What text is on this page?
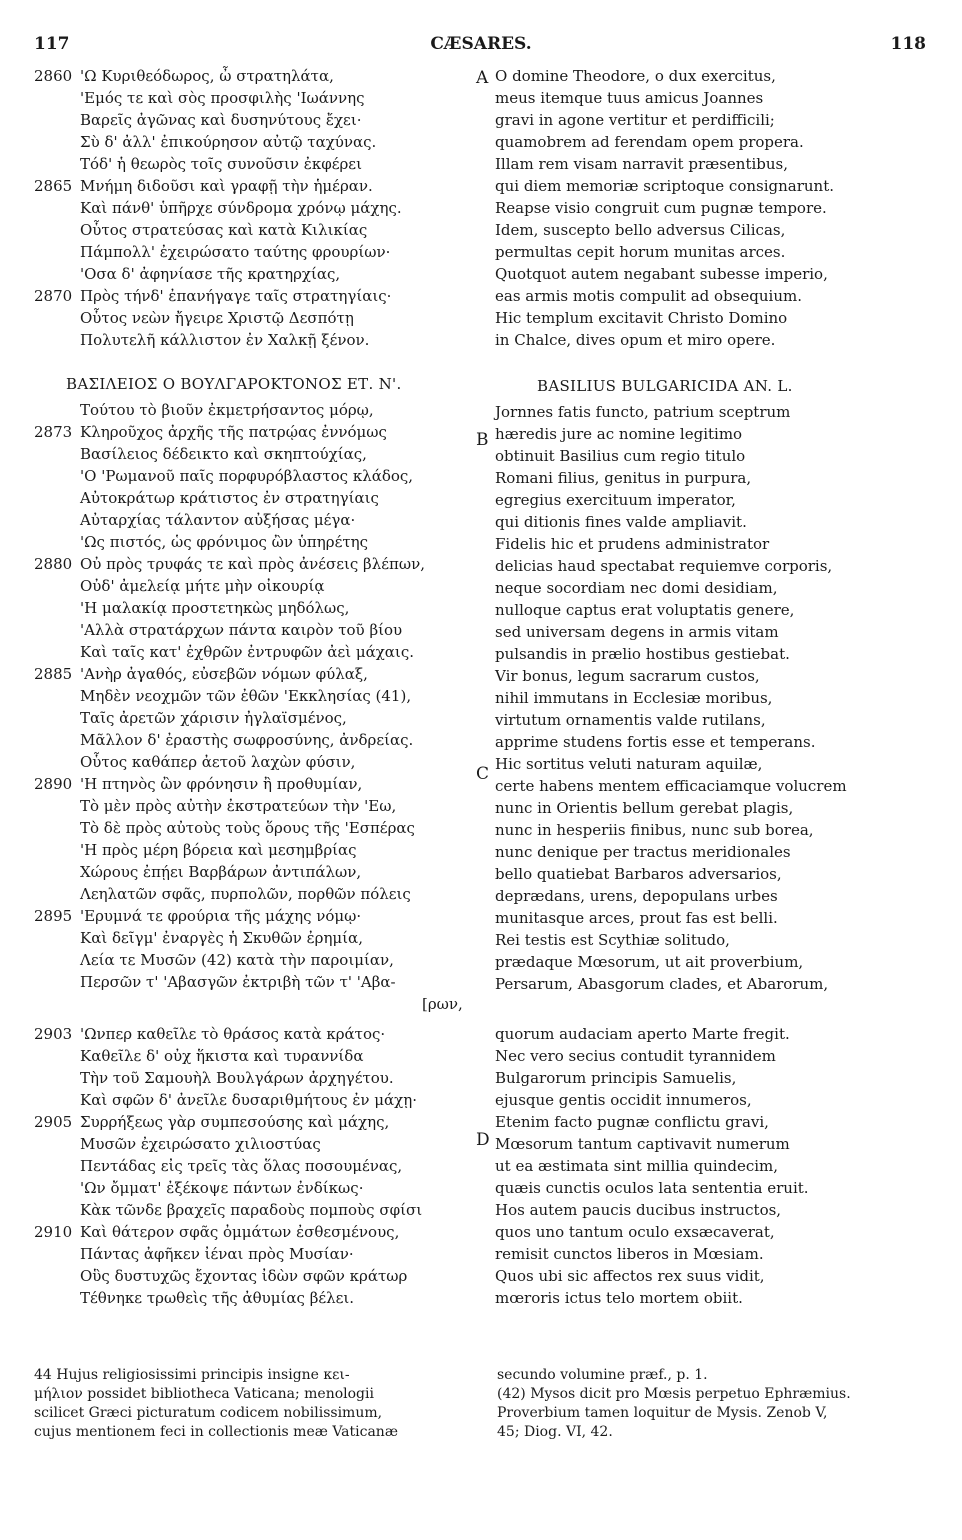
117	CÆSARES.	118
'Ω Κυριθεόδωρος, ὦ στρατηλάτα,
'Εμός τε καὶ σὸς προσφιλὴς 'Ιωάννης
Βαρεῖς ἀγῶνας καὶ δυσηνύτους ἔχει·
Σὺ δ' ἀλλ' ἐπικούρησον αὐτῷ ταχύνας.
Τόδ' ἡ θεωρὸς τοῖς συνοῦσιν ἐκφέρει
Μνήμη διδοῦσι καὶ γραφῇ τὴν ἡμέραν.
Καὶ πάνθ' ὑπῆρχε σύνδρομα χρόνῳ μάχης.
Οὗτος στρατεύσας καὶ κατὰ Κιλικίας
Πάμπολλ' ἐχειρώσατο ταύτης φρουρίων·
'Οσα δ' ἀφηνίασε τῆς κρατηρχίας,
Πρὸς τήνδ' ἐπανήγαγε ταῖς στρατηγίαις·
Οὗτος νεὼν ἤγειρε Χριστῷ Δεσπότῃ
Πολυτελῆ κάλλιστον ἐν Χαλκῇ ξένον.
ΒΑΣΙΛΕΙΟΣ Ο ΒΟΥΛΓΑΡΟΚΤΟΝΟΣ ΕΤ. Ν'.
Τούτου τὸ βιοῦν ἐκμετρήσαντος μόρῳ,
Κληροῦχος ἀρχῆς τῆς πατρῴας ἐννόμως
Βασίλειος δέδεικτο καὶ σκηπτούχίας,
'Ο 'Ρωμανοῦ παῖς πορφυρόβλαστος κλάδος,
Αὐτοκράτωρ κράτιστος ἐν στρατηγίαις
Αὐταρχίας τάλαντον αὐξήσας μέγα·
'Ως πιστός, ὡς φρόνιμος ὢν ὑπηρέτης
Οὐ πρὸς τρυφάς τε καὶ πρὸς ἀνέσεις βλέπων,
Οὐδ' ἀμελείᾳ μήτε μὴν οἰκουρίᾳ
'Η μαλακίᾳ προστετηκὼς μηδόλως,
'Αλλὰ στρατάρχων πάντα καιρὸν τοῦ βίου
Καὶ ταῖς κατ' ἐχθρῶν ἐντρυφῶν ἀεὶ μάχαις.
'Ανὴρ ἀγαθός, εὐσεβῶν νόμων φύλαξ,
Μηδὲν νεοχμῶν τῶν ἐθῶν 'Εκκλησίας (41),
Ταῖς ἀρετῶν χάρισιν ἠγλαϊσμένος,
Μᾶλλον δ' ἐραστὴς σωφροσύνης, ἀνδρείας.
Οὗτος καθάπερ ἀετοῦ λαχὼν φύσιν,
'Η πτηνὸς ὢν φρόνησιν ἢ προθυμίαν,
Τὸ μὲν πρὸς αὐτὴν ἐκστρατεύων τὴν 'Εω,
Τὸ δὲ πρὸς αὐτοὺς τοὺς ὅρους τῆς 'Εσπέρας
'Η πρὸς μέρη βόρεια καὶ μεσημβρίας
Χώρους ἐπῄει Βαρβάρων ἀντιπάλων,
Λεηλατῶν σφᾶς, πυρπολῶν, πορθῶν πόλεις
'Ερυμνά τε φρούρια τῆς μάχης νόμῳ·
Καὶ δεῖγμ' ἐναργὲς ἡ Σκυθῶν ἐρημία,
Λεία τε Μυσῶν (42) κατὰ τὴν παροιμίαν,
Περσῶν τ' 'Αβασγῶν ἐκτριβὴ τῶν τ' 'Αβα-
[ρων,
'Ωνπερ καθεῖλε τὸ θράσος κατὰ κράτος·
Καθεῖλε δ' οὐχ ἥκιστα καὶ τυραννίδα
Τὴν τοῦ Σαμουὴλ Βουλγάρων ἀρχηγέτου.
Καὶ σφῶν δ' ἀνεῖλε δυσαριθμήτους ἐν μάχῃ·
Συρρήξεως γὰρ συμπεσούσης καὶ μάχης,
Μυσῶν ἐχειρώσατο χιλιοστύας
Πεντάδας εἰς τρεῖς τὰς ὅλας ποσουμένας,
'Ων ὄμματ' ἐξέκοψε πάντων ἐνδίκως·
Κὰκ τῶνδε βραχεῖς παραδοὺς πομποὺς σφίσι
Καὶ θάτερον σφᾶς ὀμμάτων ἐσθεσμένους,
Πάντας ἀφῆκεν ἰέναι πρὸς Μυσίαν·
Οὓς δυστυχῶς ἔχοντας ἰδὼν σφῶν κράτωρ
Τέθνηκε τρωθεὶς τῆς ἀθυμίας βέλει.
O domine Theodore, o dux exercitus,
meus itemque tuus amicus Joannes
gravi in agone vertitur et perdifficili;
quamobrem ad ferendam opem propera.
Illam rem visam narravit præsentibus,
qui diem memoriæ scriptoque consignarunt.
Reapse visio congruit cum pugnæ tempore.
Idem, suscepto bello adversus Cilicas,
permultas cepit horum munitas arces.
Quotquot autem negabant subesse imperio,
eas armis motis compulit ad obsequium.
Hic templum excitavit Christo Domino
in Chalce, dives opum et miro opere.
BASILIUS BULGARICIDA AN. L.
Jornnes fatis functo, patrium sceptrum
hæredis jure ac nomine legitimo
obtinuit Basilius cum regio titulo
Romani filius, genitus in purpura,
egregius exercituum imperator,
qui ditionis fines valde ampliavit.
Fidelis hic et prudens administrator
delicias haud spectabat requiemve corporis,
neque socordiam nec domi desidiam,
nulloque captus erat voluptatis genere,
sed universam degens in armis vitam
pulsandis in prælio hostibus gestiebat.
Vir bonus, legum sacrarum custos,
nihil immutans in Ecclesiæ moribus,
virtutum ornamentis valde rutilans,
apprime studens fortis esse et temperans.
Hic sortitus veluti naturam aquilæ,
certe habens mentem efficaciamque volucrem
nunc in Orientis bellum gerebat plagis,
nunc in hesperiis finibus, nunc sub borea,
nunc denique per tractus meridionales
bello quatiebat Barbaros adversarios,
deprædans, urens, depopulans urbes
munitasque arces, prout fas est belli.
Rei testis est Scythiæ solitudo,
prædaque Mœsorum, ut ait proverbium,
Persarum, Abasgorum clades, et Abarorum,
quorum audaciam aperto Marte fregit.
Nec vero secius contudit tyrannidem
Bulgarorum principis Samuelis,
ejusque gentis occidit innumeros,
Etenim facto pugnæ conflictu gravi,
Mœsorum tantum captivavit numerum
ut ea æstimata sint millia quindecim,
quæis cunctis oculos lata sententia eruit.
Hos autem paucis ducibus instructos,
quos uno tantum oculo exsæcaverat,
remisit cunctos liberos in Mœsiam.
Quos ubi sic affectos rex suus vidit,
mœroris ictus telo mortem obiit.
2860
2865
2870
2873
2880
2885
2890
2895
2903
2905
2910
A
B
C
D
44 Hujus religiosissimi principis insigne κει-
μήλιον possidet bibliotheca Vaticana; menologii
scilicet Græci picturatum codicem nobilissimum,
cujus mentionem feci in collectionis meæ Vaticanæ
secundo volumine præf., p. 1.
(42) Mysos dicit pro Mœsis perpetuo Ephræmius.
Proverbium tamen loquitur de Mysis. Zenob V,
45; Diog. VI, 42.
